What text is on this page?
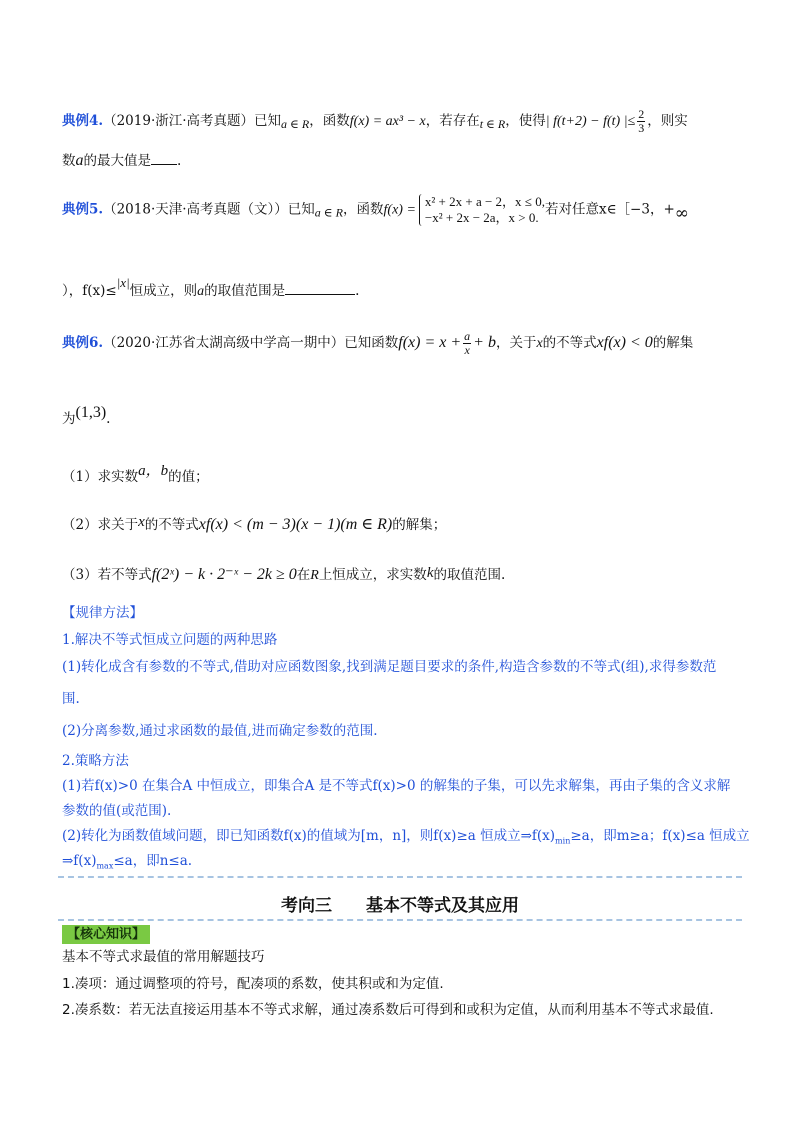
典例4.（2019·浙江·高考真题）已知a ∈ R，函数f(x) = ax³ − x，若存在t ∈ R，使得| f(t+2) − f(t) |≤ $\frac{2}{3}$ ，则实
数a的最大值是 .
典例5.（2018·天津·高考真题（文））已知a ∈ R，函数f(x) =
x² + 2x + a − 2，x ≤ 0,
−x² + 2x − 2a，x > 0. 若对任意x∈［−3，+∞
），f(x)≤|x|恒成立，则a的取值范围是	.
典例6.（2020·江苏省太湖高级中学高一期中）已知函数$f(x) = x + \frac{a}{x} + b$，关于x的不等式xf(x) < 0的解集
为(1,3).
（1）求实数a，b的值；
（2）求关于x的不等式xf(x) < (m − 3)(x − 1)(m ∈ R)的解集；
（3）若不等式f(2ˣ) − k · 2⁻ˣ − 2k ≥ 0在R上恒成立，求实数k的取值范围.
【规律方法】
1.解决不等式恒成立问题的两种思路
(1)转化成含有参数的不等式,借助对应函数图象,找到满足题目要求的条件,构造含参数的不等式(组),求得参数范
围.
(2)分离参数,通过求函数的最值,进而确定参数的范围.
2.策略方法
(1)若f(x)>0 在集合A 中恒成立，即集合A 是不等式f(x)>0 的解集的子集，可以先求解集，再由子集的含义求解
参数的值(或范围).
(2)转化为函数值域问题，即已知函数f(x)的值域为[m，n]，则f(x)≥a 恒成立$\Rightarrow f(x)_{min}\ge a$，即m≥a；f(x)≤a 恒成立
$\Rightarrow f(x)_{max}\le a$，即n≤a.
考向三　　基本不等式及其应用
【核心知识】
基本不等式求最值的常用解题技巧
1.凑项：通过调整项的符号，配凑项的系数，使其积或和为定值.
2.凑系数：若无法直接运用基本不等式求解，通过凑系数后可得到和或积为定值，从而利用基本不等式求最值.
